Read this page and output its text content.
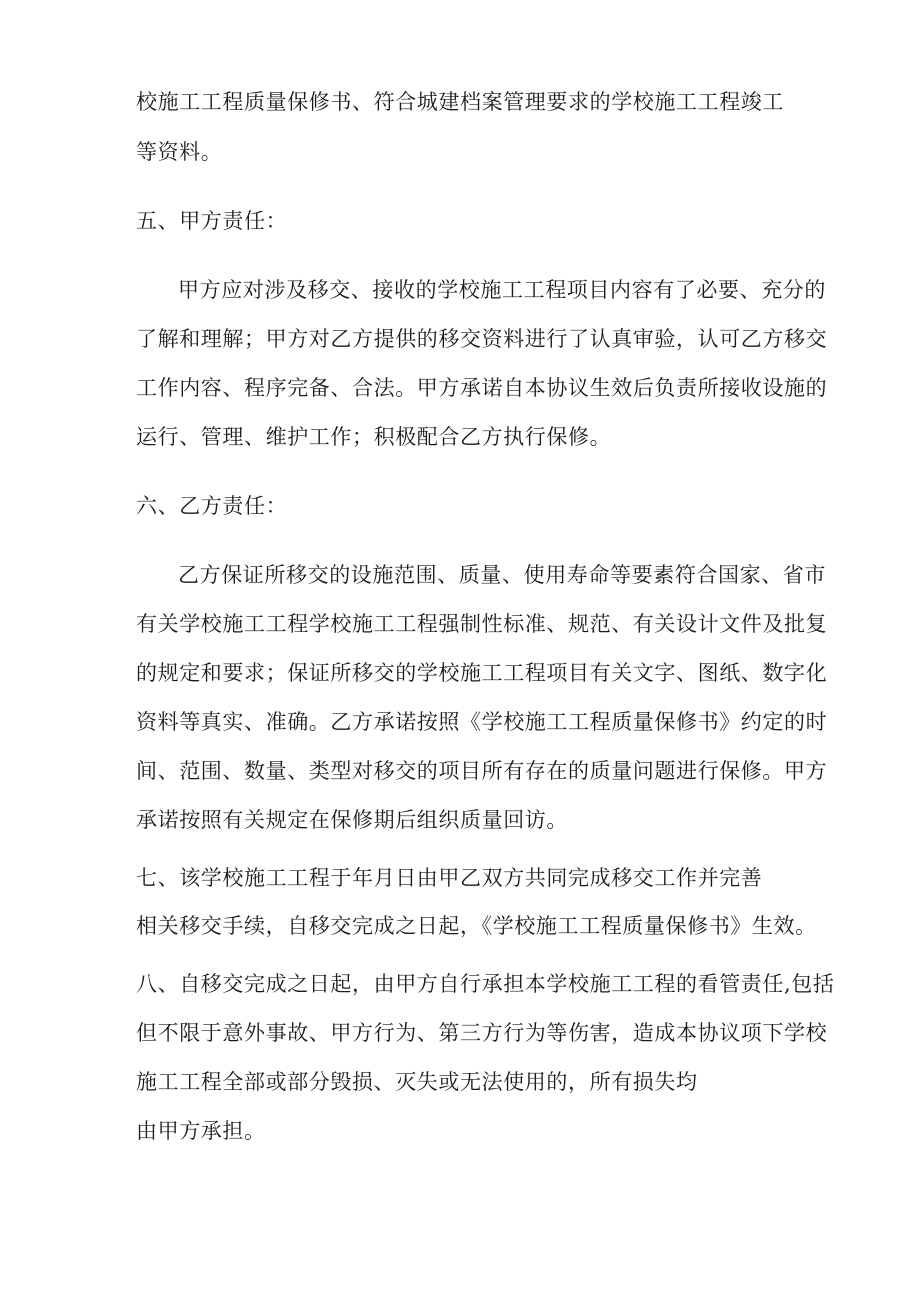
校施工工程质量保修书、符合城建档案管理要求的学校施工工程竣工
等资料。
五、甲方责任：
甲方应对涉及移交、接收的学校施工工程项目内容有了必要、充分的
了解和理解；甲方对乙方提供的移交资料进行了认真审验，认可乙方移交
工作内容、程序完备、合法。甲方承诺自本协议生效后负责所接收设施的
运行、管理、维护工作；积极配合乙方执行保修。
六、乙方责任：
乙方保证所移交的设施范围、质量、使用寿命等要素符合国家、省市
有关学校施工工程学校施工工程强制性标准、规范、有关设计文件及批复
的规定和要求；保证所移交的学校施工工程项目有关文字、图纸、数字化
资料等真实、准确。乙方承诺按照《学校施工工程质量保修书》约定的时
间、范围、数量、类型对移交的项目所有存在的质量问题进行保修。甲方
承诺按照有关规定在保修期后组织质量回访。
七、该学校施工工程于年月日由甲乙双方共同完成移交工作并完善
相关移交手续，自移交完成之日起，《学校施工工程质量保修书》生效。
八、自移交完成之日起，由甲方自行承担本学校施工工程的看管责任,包括
但不限于意外事故、甲方行为、第三方行为等伤害，造成本协议项下学校
施工工程全部或部分毁损、灭失或无法使用的，所有损失均
由甲方承担。
